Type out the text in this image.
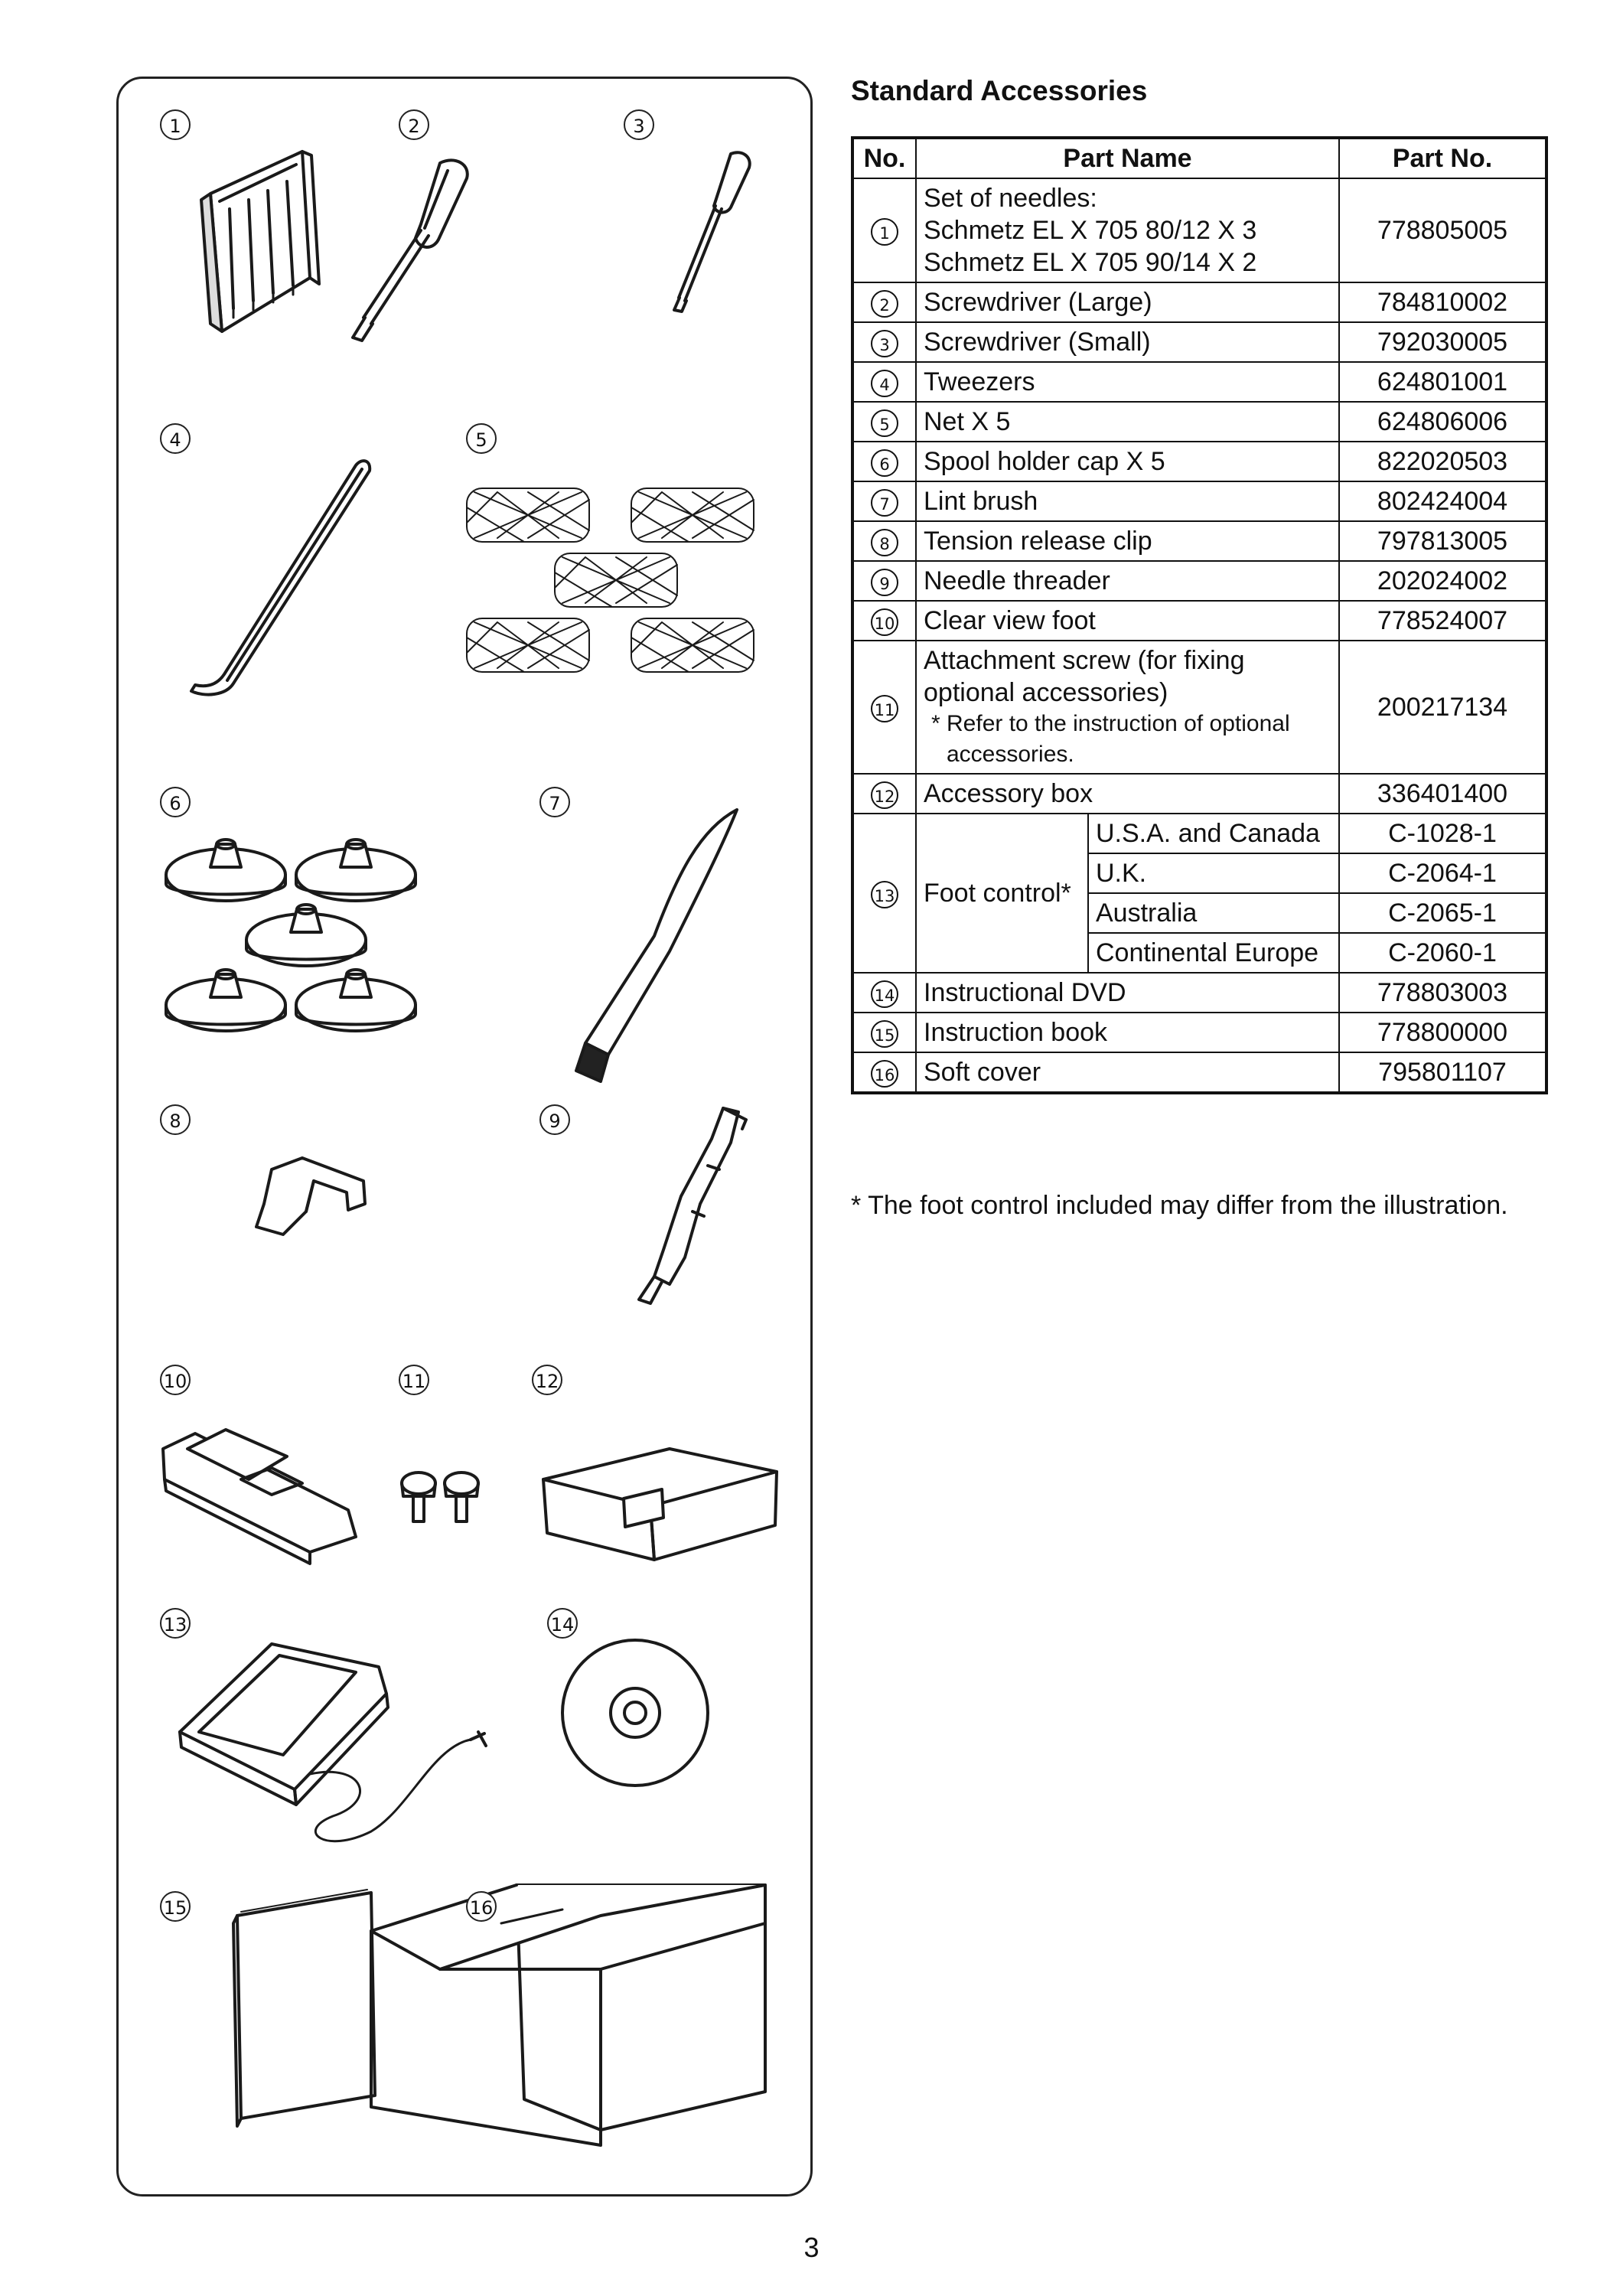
1	2	3
4	5
6	7
8	9
10	11	12
13	14
15	16
Standard Accessories
No.	Part Name		Part No.
1	Set of needles:
Schmetz EL X 705 80/12 X 3
Schmetz EL X 705 90/14 X 2		778805005
2	Screwdriver (Large)		784810002
3	Screwdriver (Small)		792030005
4	Tweezers		624801001
5	Net X 5		624806006
6	Spool holder cap X 5		822020503
7	Lint brush		802424004
8	Tension release clip		797813005
9	Needle threader		202024002
10	Clear view foot		778524007
11	Attachment screw (for fixing
optional accessories)
* Refer to the instruction of optional
accessories.		200217134
12	Accessory box		336401400
13	Foot control*	U.S.A. and Canada	C-1028-1
		U.K.	C-2064-1
		Australia	C-2065-1
		Continental Europe	C-2060-1
14	Instructional DVD		778803003
15	Instruction book		778800000
16	Soft cover		795801107

* The foot control included may differ from the illustration.

3
